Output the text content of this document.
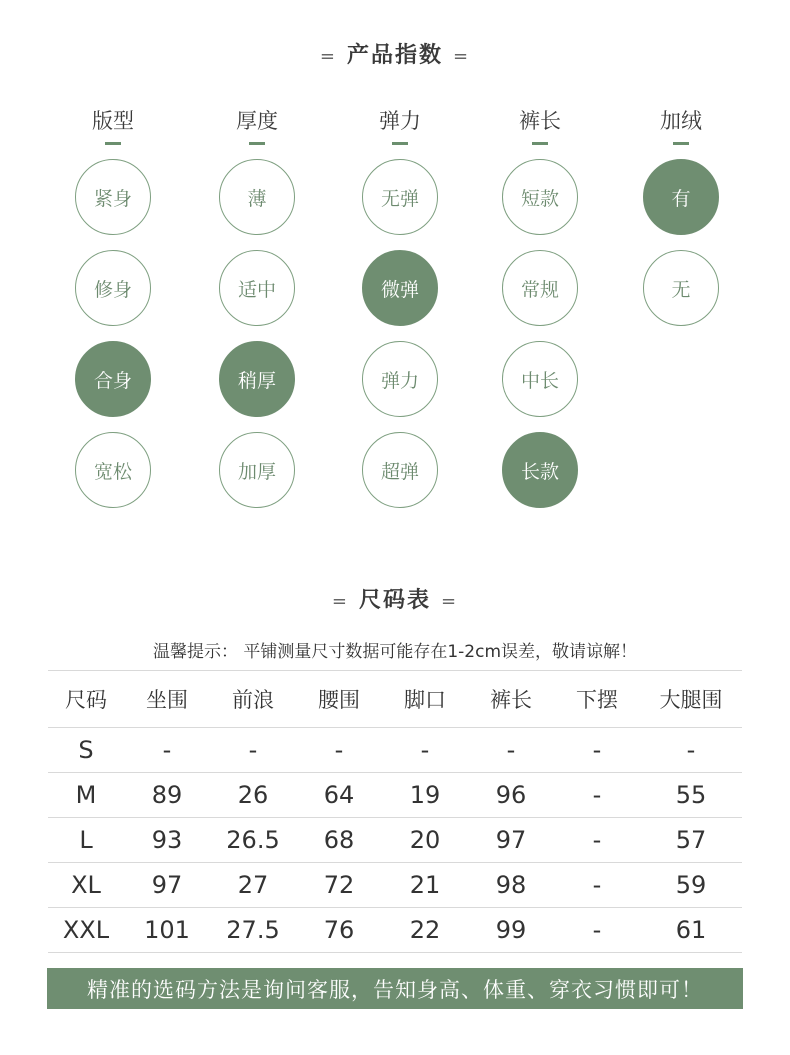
= 产品指数 =
版型
紧身
修身
合身
宽松
厚度
薄
适中
稍厚
加厚
弹力
无弹
微弹
弹力
超弹
裤长
短款
常规
中长
长款
加绒
有
无
= 尺码表 =
温馨提示： 平铺测量尺寸数据可能存在1-2cm误差，敬请谅解！
尺码	坐围	前浪	腰围	脚口	裤长	下摆	大腿围
S	-	-	-	-	-	-	-
M	89	26	64	19	96	-	55
L	93	26.5	68	20	97	-	57
XL	97	27	72	21	98	-	59
XXL	101	27.5	76	22	99	-	61
精准的选码方法是询问客服，告知身高、体重、穿衣习惯即可！
